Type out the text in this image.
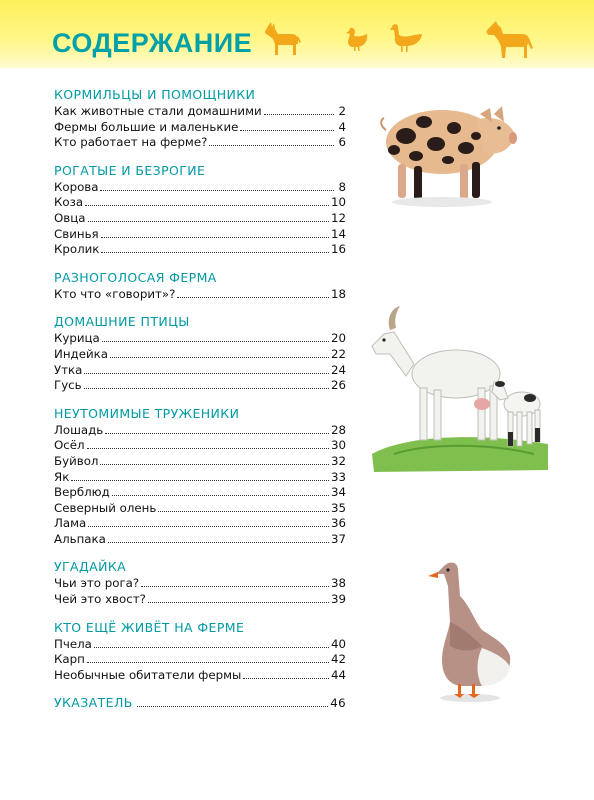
СОДЕРЖАНИЕ
КОРМИЛЬЦЫ И ПОМОЩНИКИ
Как животные стали домашними	2
Фермы большие и маленькие	4
Кто работает на ферме?	6
РОГАТЫЕ И БЕЗРОГИЕ
Корова	8
Коза	10
Овца	12
Свинья	14
Кролик	16
РАЗНОГОЛОСАЯ ФЕРМА
Кто что «говорит»?	18
ДОМАШНИЕ ПТИЦЫ
Курица	20
Индейка	22
Утка	24
Гусь	26
НЕУТОМИМЫЕ ТРУЖЕНИКИ
Лошадь	28
Осёл	30
Буйвол	32
Як	33
Верблюд	34
Северный олень	35
Лама	36
Альпака	37
УГАДАЙКА
Чьи это рога?	38
Чей это хвост?	39
КТО ЕЩЁ ЖИВЁТ НА ФЕРМЕ
Пчела	40
Карп	42
Необычные обитатели фермы	44
УКАЗАТЕЛЬ	46
